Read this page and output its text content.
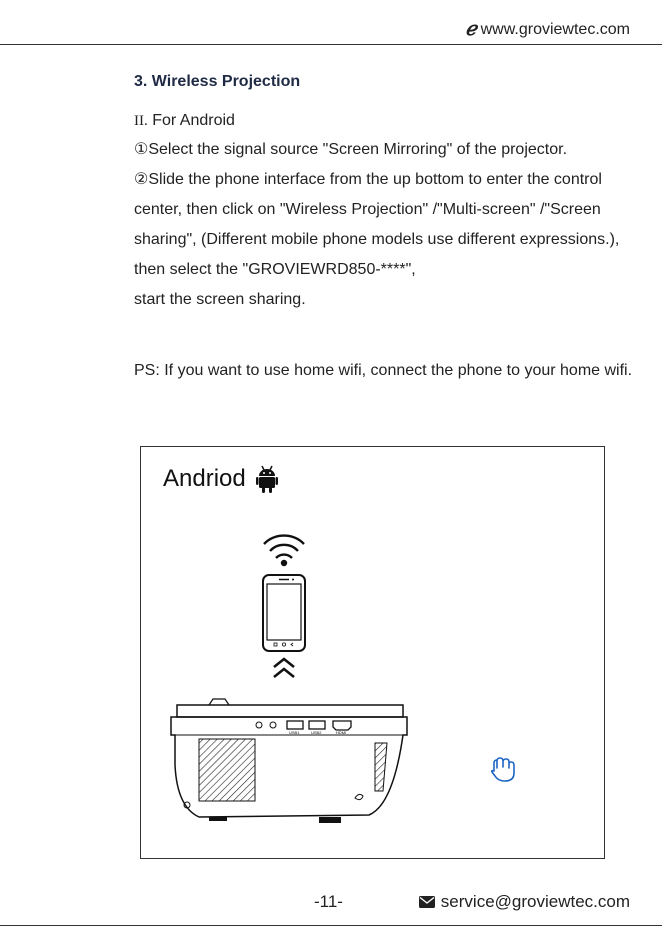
ℯ www.groviewtec.com
3. Wireless Projection
II. For Android

①Select the signal source "Screen Mirroring" of the projector.

②Slide the phone interface from the up bottom to enter the control center, then click on "Wireless Projection" /"Multi-screen" /"Screen sharing", (Different mobile phone models use different expressions.), then select the "GROVIEWRD850-****",

start the screen sharing.

PS: If you want to use home wifi, connect the phone to your home wifi.
Andriod
USB1	USB2	HDMI
-11-	service@groviewtec.com
